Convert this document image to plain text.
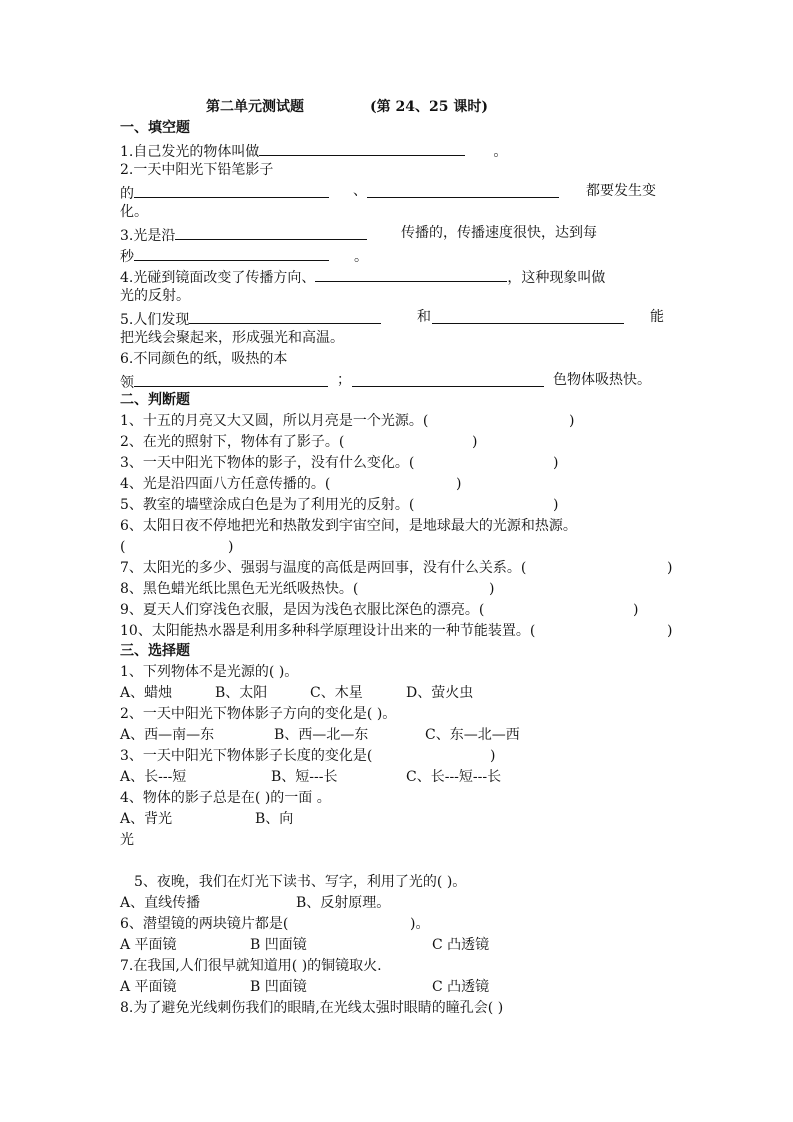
第二单元测试题	(第 24、25 课时)
一、填空题
1.自己发光的物体叫做	。
2.一天中阳光下铅笔影子
的	、	都要发生变
化。
3.光是沿	传播的，传播速度很快，达到每
秒	。
4.光碰到镜面改变了传播方向、	，这种现象叫做
光的反射。
5.人们发现	和	能
把光线会聚起来，形成强光和高温。
6.不同颜色的纸，吸热的本
领	；	色物体吸热快。
二、判断题
1、十五的月亮又大又圆，所以月亮是一个光源。(	)
2、在光的照射下，物体有了影子。(	)
3、一天中阳光下物体的影子，没有什么变化。(	)
4、光是沿四面八方任意传播的。(	)
5、教室的墙壁涂成白色是为了利用光的反射。(	)
6、太阳日夜不停地把光和热散发到宇宙空间，是地球最大的光源和热源。
(	)
7、太阳光的多少、强弱与温度的高低是两回事，没有什么关系。(	)
8、黑色蜡光纸比黑色无光纸吸热快。(	)
9、夏天人们穿浅色衣服，是因为浅色衣服比深色的漂亮。(	)
10、太阳能热水器是利用多种科学原理设计出来的一种节能装置。(	)
三、选择题
1、下列物体不是光源的( )。
A、蜡烛	B、太阳	C、木星	D、萤火虫
2、一天中阳光下物体影子方向的变化是( )。
A、西—南—东	B、西—北—东	C、东—北—西
3、一天中阳光下物体影子长度的变化是(	)
A、长---短	B、短---长	C、长---短---长
4、物体的影子总是在( )的一面 。
A、背光	B、向
光
5、夜晚，我们在灯光下读书、写字，利用了光的( )。
A、直线传播	B、反射原理。
6、潜望镜的两块镜片都是(	)。
A 平面镜	B 凹面镜	C 凸透镜
7.在我国,人们很早就知道用( )的铜镜取火.
A 平面镜	B 凹面镜	C 凸透镜
8.为了避免光线刺伤我们的眼睛,在光线太强时眼睛的瞳孔会( )
